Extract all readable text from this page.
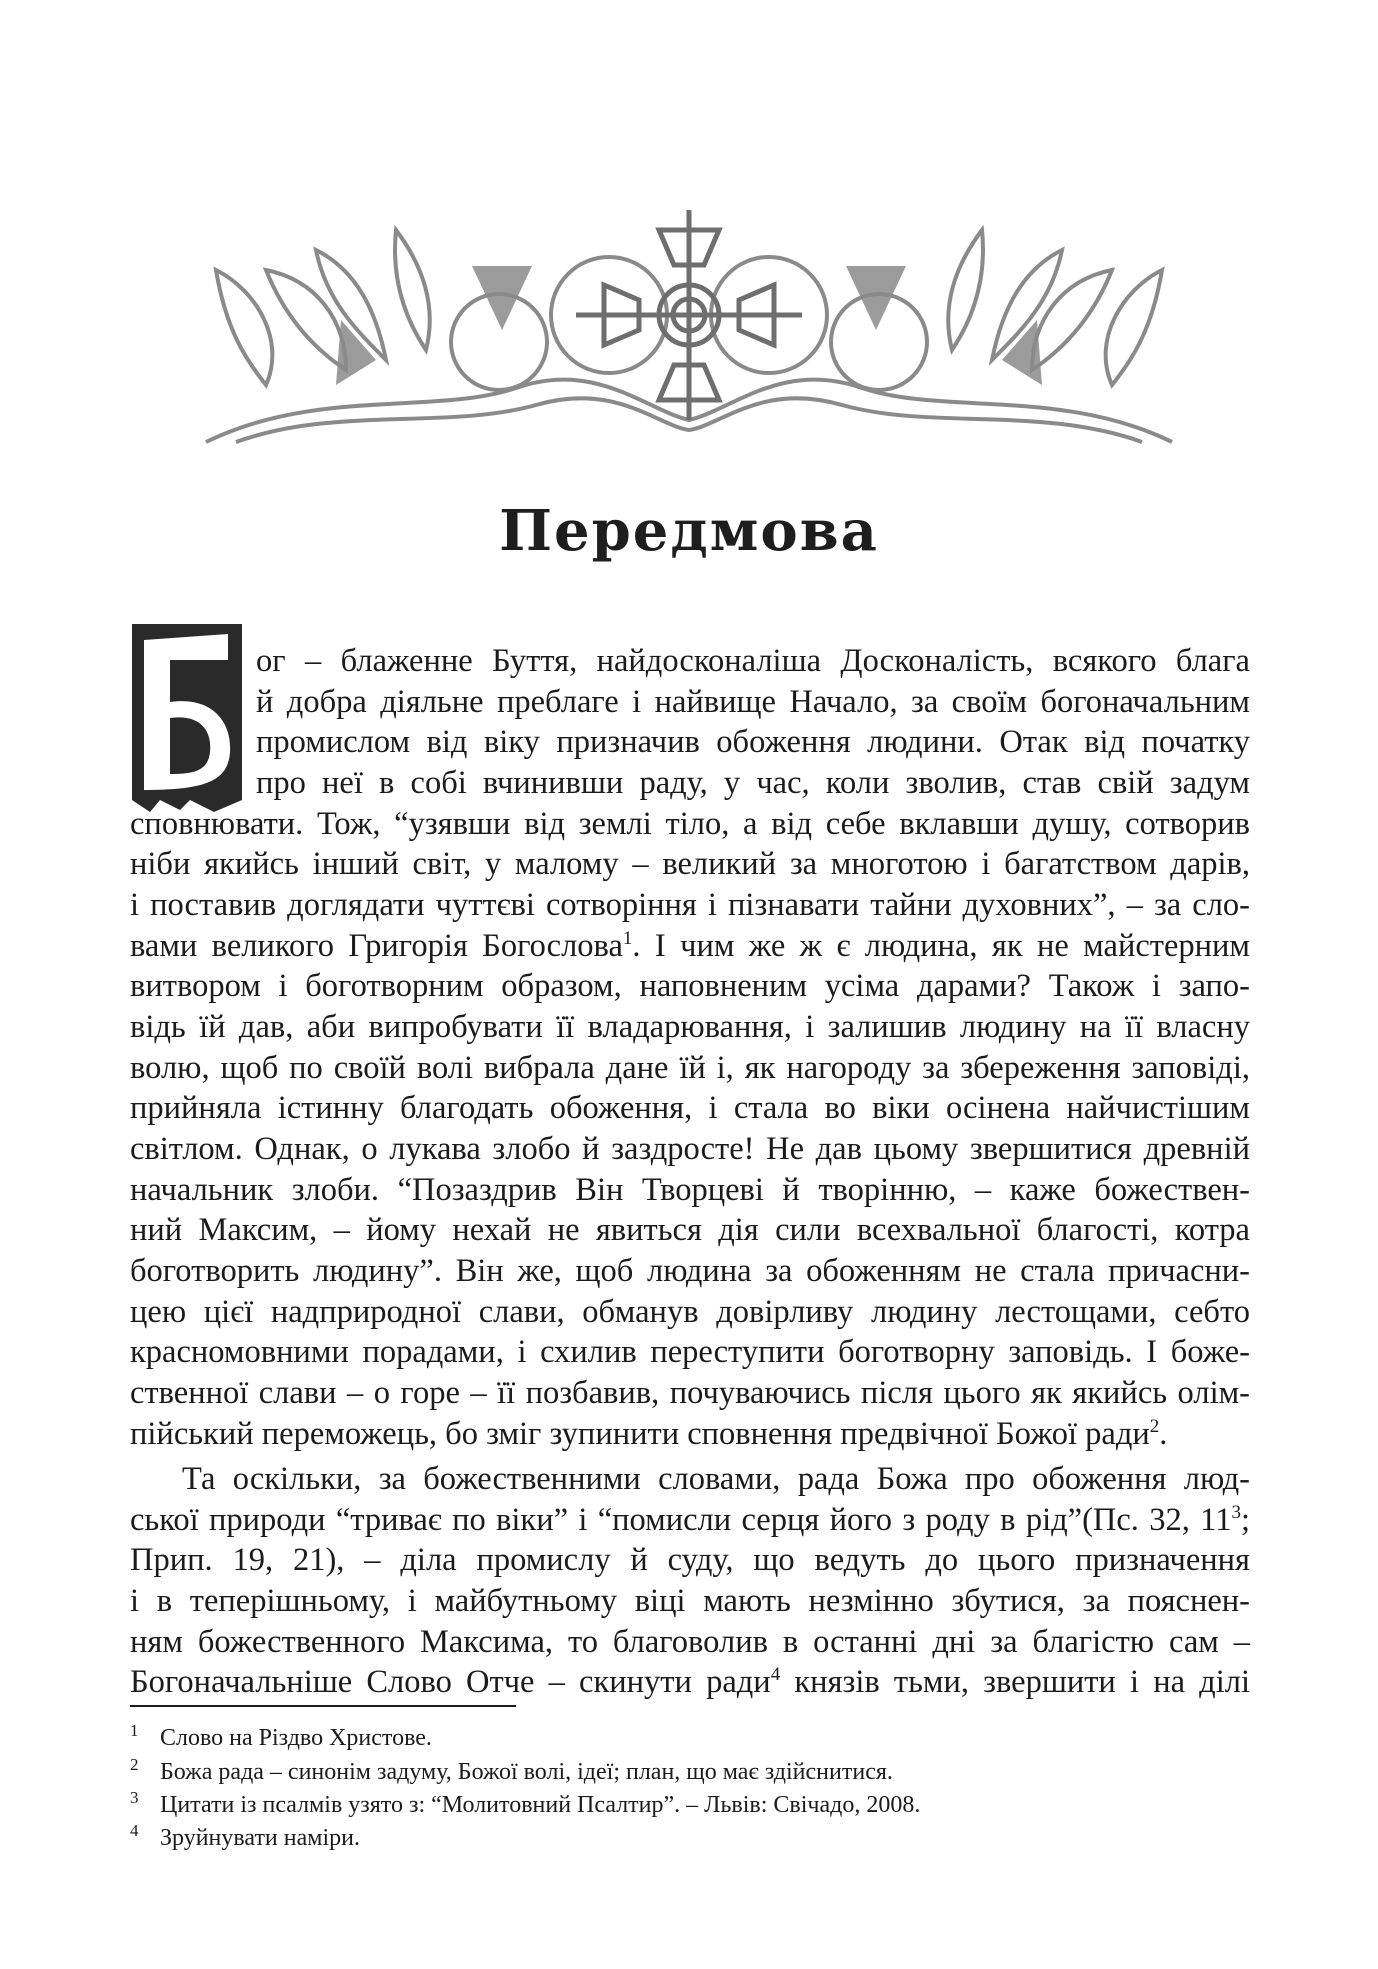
Передмова
ог – блаженне Буття, найдосконаліша Досконалість, всякого блага
й добра діяльне преблаге і найвище Начало, за своїм богоначальним
промислом від віку призначив обоження людини. Отак від початку
про неї в собі вчинивши раду, у час, коли зволив, став свій задум
сповнювати. Тож, “узявши від землі тіло, а від себе вклавши душу, сотворив
ніби якийсь інший світ, у малому – великий за многотою і багатством дарів,
і поставив доглядати чуттєві сотворіння і пізнавати тайни духовних”, – за сло-
вами великого Григорія Богослова$^1$. І чим же ж є людина, як не майстерним
витвором і боготворним образом, наповненим усіма дарами? Також і запо-
відь їй дав, аби випробувати її владарювання, і залишив людину на її власну
волю, щоб по своїй волі вибрала дане їй і, як нагороду за збереження заповіді,
прийняла істинну благодать обоження, і стала во віки осінена найчистішим
світлом. Однак, о лукава злобо й заздросте! Не дав цьому звершитися древній
начальник злоби. “Позаздрив Він Творцеві й творінню, – каже божествен-
ний Максим, – йому нехай не явиться дія сили всехвальної благості, котра
боготворить людину”. Він же, щоб людина за обоженням не стала причасни-
цею цієї надприродної слави, обманув довірливу людину лестощами, себто
красномовними порадами, і схилив переступити боготворну заповідь. І боже-
ственної слави – о горе – її позбавив, почуваючись після цього як якийсь олім-
пійський переможець, бо зміг зупинити сповнення предвічної Божої ради$^2$.
Та оскільки, за божественними словами, рада Божа про обоження люд-
ської природи “триває по віки” і “помисли серця його з роду в рід”(Пс. 32, $11^3$;
Прип. 19, 21), – діла промислу й суду, що ведуть до цього призначення
і в теперішньому, і майбутньому віці мають незмінно збутися, за пояснен-
ням божественного Максима, то благоволив в останні дні за благістю сам –
Богоначальніше Слово Отче – скинути ради$^4$ князів тьми, звершити і на ділі
1 Слово на Різдво Христове.
2 Божа рада – синонім задуму, Божої волі, ідеї; план, що має здійснитися.
3 Цитати із псалмів узято з: “Молитовний Псалтир”. – Львів: Свічадо, 2008.
4 Зруйнувати наміри.
